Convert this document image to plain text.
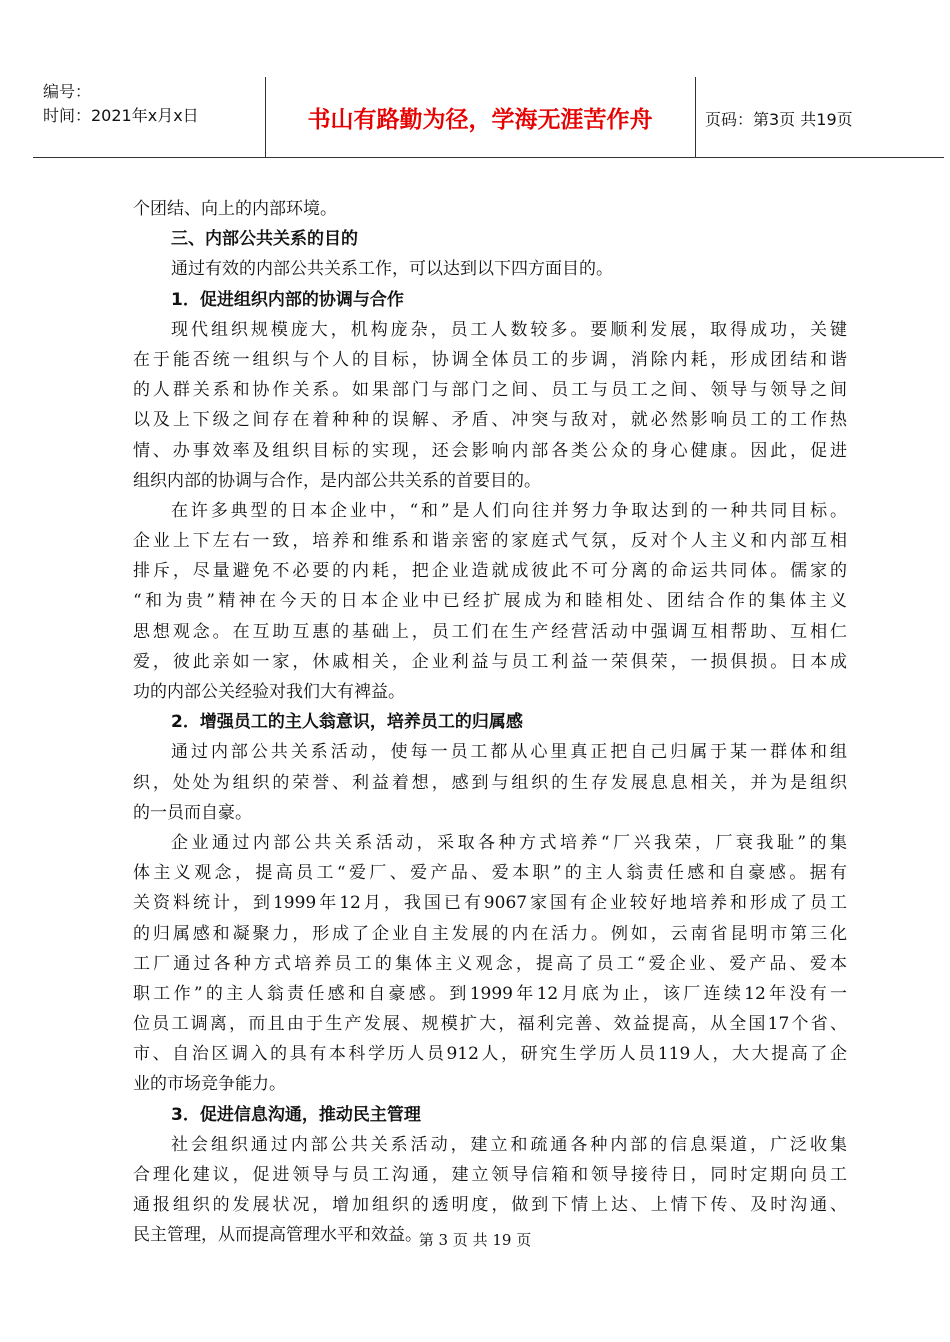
编号：
时间：2021年x月x日	书山有路勤为径，学海无涯苦作舟	页码：第3页 共19页
个团结、向上的内部环境。
三、内部公共关系的目的
通过有效的内部公共关系工作，可以达到以下四方面目的。
1．促进组织内部的协调与合作
现代组织规模庞大，机构庞杂，员工人数较多。要顺利发展，取得成功，关键
在于能否统一组织与个人的目标，协调全体员工的步调，消除内耗，形成团结和谐
的人群关系和协作关系。如果部门与部门之间、员工与员工之间、领导与领导之间
以及上下级之间存在着种种的误解、矛盾、冲突与敌对，就必然影响员工的工作热
情、办事效率及组织目标的实现，还会影响内部各类公众的身心健康。因此，促进
组织内部的协调与合作，是内部公共关系的首要目的。
在许多典型的日本企业中，“和”是人们向往并努力争取达到的一种共同目标。
企业上下左右一致，培养和维系和谐亲密的家庭式气氛，反对个人主义和内部互相
排斥，尽量避免不必要的内耗，把企业造就成彼此不可分离的命运共同体。儒家的
“和为贵”精神在今天的日本企业中已经扩展成为和睦相处、团结合作的集体主义
思想观念。在互助互惠的基础上，员工们在生产经营活动中强调互相帮助、互相仁
爱，彼此亲如一家，休戚相关，企业利益与员工利益一荣俱荣，一损俱损。日本成
功的内部公关经验对我们大有裨益。
2．增强员工的主人翁意识，培养员工的归属感
通过内部公共关系活动，使每一员工都从心里真正把自己归属于某一群体和组
织，处处为组织的荣誉、利益着想，感到与组织的生存发展息息相关，并为是组织
的一员而自豪。
企业通过内部公共关系活动，采取各种方式培养“厂兴我荣，厂衰我耻”的集
体主义观念，提高员工“爱厂、爱产品、爱本职”的主人翁责任感和自豪感。据有
关资料统计，到1999年12月，我国已有9067家国有企业较好地培养和形成了员工
的归属感和凝聚力，形成了企业自主发展的内在活力。例如，云南省昆明市第三化
工厂通过各种方式培养员工的集体主义观念，提高了员工“爱企业、爱产品、爱本
职工作”的主人翁责任感和自豪感。到1999年12月底为止，该厂连续12年没有一
位员工调离，而且由于生产发展、规模扩大，福利完善、效益提高，从全国17个省、
市、自治区调入的具有本科学历人员912人，研究生学历人员119人，大大提高了企
业的市场竞争能力。
3．促进信息沟通，推动民主管理
社会组织通过内部公共关系活动，建立和疏通各种内部的信息渠道，广泛收集
合理化建议，促进领导与员工沟通，建立领导信箱和领导接待日，同时定期向员工
通报组织的发展状况，增加组织的透明度，做到下情上达、上情下传、及时沟通、
民主管理，从而提高管理水平和效益。
第 3 页 共 19 页
